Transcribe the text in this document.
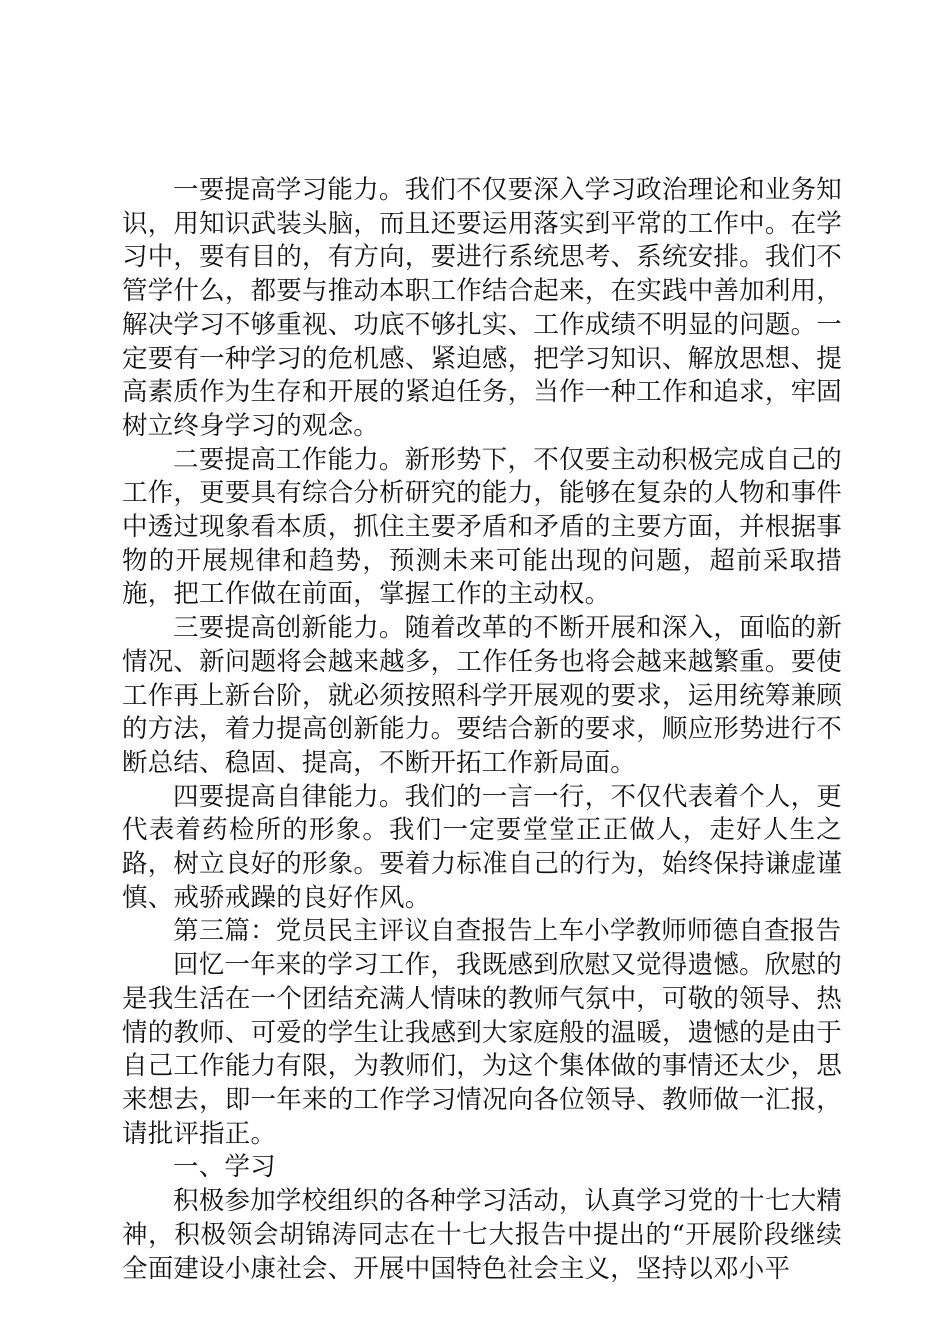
一要提高学习能力。我们不仅要深入学习政治理论和业务知识，用知识武装头脑，而且还要运用落实到平常的工作中。在学习中，要有目的，有方向，要进行系统思考、系统安排。我们不管学什么，都要与推动本职工作结合起来，在实践中善加利用，解决学习不够重视、功底不够扎实、工作成绩不明显的问题。一定要有一种学习的危机感、紧迫感，把学习知识、解放思想、提高素质作为生存和开展的紧迫任务，当作一种工作和追求，牢固树立终身学习的观念。

二要提高工作能力。新形势下，不仅要主动积极完成自己的工作，更要具有综合分析研究的能力，能够在复杂的人物和事件中透过现象看本质，抓住主要矛盾和矛盾的主要方面，并根据事物的开展规律和趋势，预测未来可能出现的问题，超前采取措施，把工作做在前面，掌握工作的主动权。

三要提高创新能力。随着改革的不断开展和深入，面临的新情况、新问题将会越来越多，工作任务也将会越来越繁重。要使工作再上新台阶，就必须按照科学开展观的要求，运用统筹兼顾的方法，着力提高创新能力。要结合新的要求，顺应形势进行不断总结、稳固、提高，不断开拓工作新局面。

四要提高自律能力。我们的一言一行，不仅代表着个人，更代表着药检所的形象。我们一定要堂堂正正做人，走好人生之路，树立良好的形象。要着力标准自己的行为，始终保持谦虚谨慎、戒骄戒躁的良好作风。

第三篇：党员民主评议自查报告上车小学教师师德自查报告

回忆一年来的学习工作，我既感到欣慰又觉得遗憾。欣慰的是我生活在一个团结充满人情味的教师气氛中，可敬的领导、热情的教师、可爱的学生让我感到大家庭般的温暖，遗憾的是由于自己工作能力有限，为教师们，为这个集体做的事情还太少，思来想去，即一年来的工作学习情况向各位领导、教师做一汇报，请批评指正。

一、学习

积极参加学校组织的各种学习活动，认真学习党的十七大精神，积极领会胡锦涛同志在十七大报告中提出的“开展阶段继续全面建设小康社会、开展中国特色社会主义，坚持以邓小平
